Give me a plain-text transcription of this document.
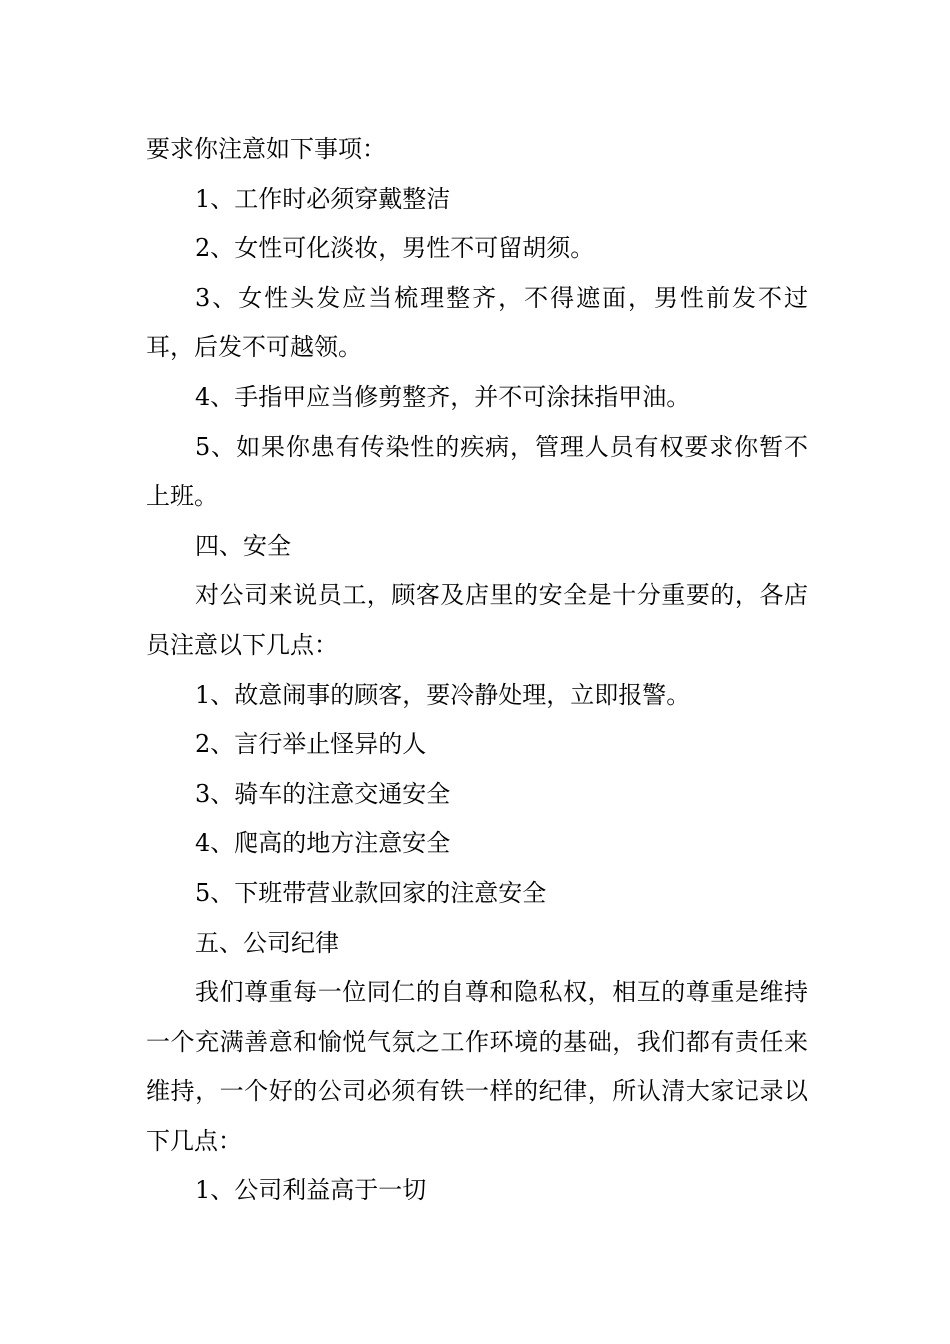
要求你注意如下事项：

1、工作时必须穿戴整洁

2、女性可化淡妆，男性不可留胡须。

3、女性头发应当梳理整齐，不得遮面，男性前发不过耳，后发不可越领。

4、手指甲应当修剪整齐，并不可涂抹指甲油。

5、如果你患有传染性的疾病，管理人员有权要求你暂不上班。

四、安全

对公司来说员工，顾客及店里的安全是十分重要的，各店员注意以下几点：

1、故意闹事的顾客，要冷静处理，立即报警。

2、言行举止怪异的人

3、骑车的注意交通安全

4、爬高的地方注意安全

5、下班带营业款回家的注意安全

五、公司纪律

我们尊重每一位同仁的自尊和隐私权，相互的尊重是维持一个充满善意和愉悦气氛之工作环境的基础，我们都有责任来维持，一个好的公司必须有铁一样的纪律，所认清大家记录以下几点：

1、公司利益高于一切
